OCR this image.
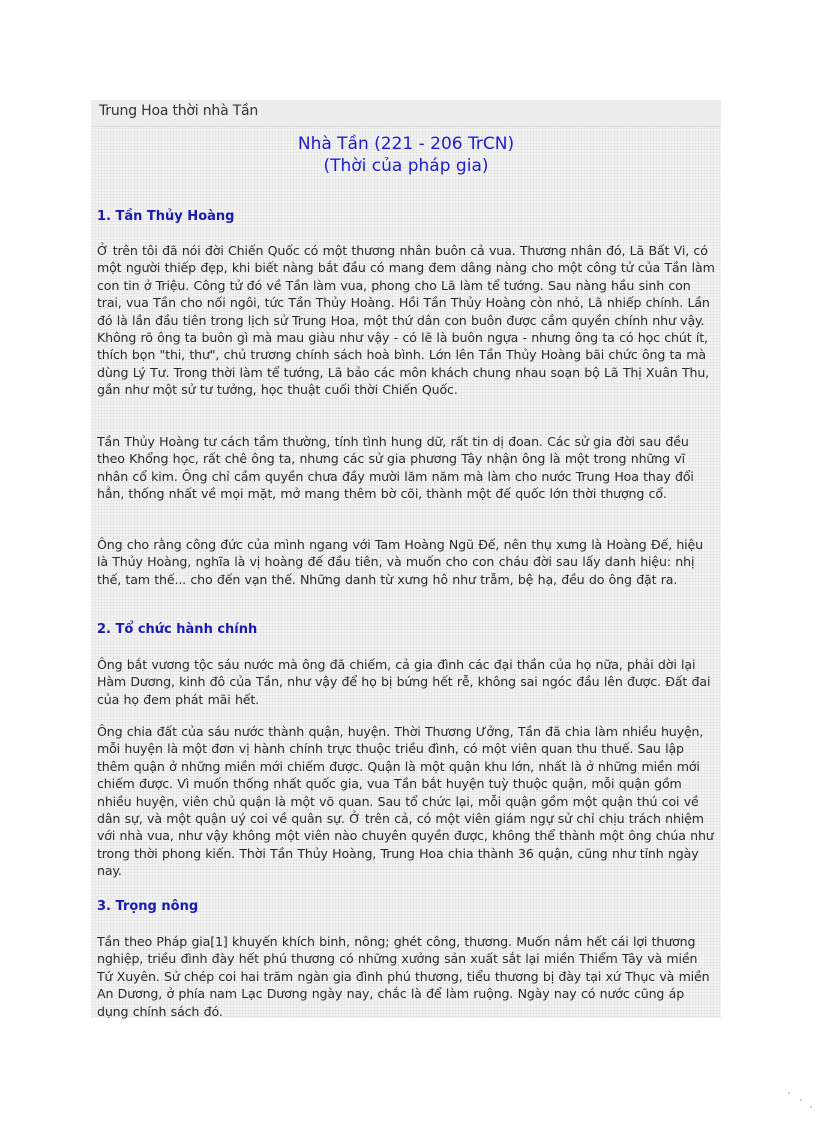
Trung Hoa thời nhà Tần
Nhà Tần (221 - 206 TrCN)
(Thời của pháp gia)
1. Tần Thủy Hoàng
Ở trên tôi đã nói đời Chiến Quốc có một thương nhân buôn cả vua. Thương nhân đó, Lã Bất Vi, có một người thiếp đẹp, khi biết nàng bắt đầu có mang đem dâng nàng cho một công tử của Tần làm con tin ở Triệu. Công tử đó về Tần làm vua, phong cho Lã làm tể tướng. Sau nàng hầu sinh con trai, vua Tần cho nối ngôi, tức Tần Thủy Hoàng. Hồi Tần Thủy Hoàng còn nhỏ, Lã nhiếp chính. Lần đó là lần đầu tiên trong lịch sử Trung Hoa, một thứ dân con buôn được cầm quyền chính như vậy. Không rõ ông ta buôn gì mà mau giàu như vậy - có lẽ là buôn ngựa - nhưng ông ta có học chút ít, thích bọn "thi, thư", chủ trương chính sách hoà bình. Lớn lên Tần Thủy Hoàng bãi chức ông ta mà dùng Lý Tư. Trong thời làm tể tướng, Lã bảo các môn khách chung nhau soạn bộ Lã Thị Xuân Thu, gần như một sử tư tưởng, học thuật cuối thời Chiến Quốc.
Tần Thủy Hoàng tư cách tầm thường, tính tình hung dữ, rất tin dị đoan. Các sử gia đời sau đều theo Khổng học, rất chê ông ta, nhưng các sử gia phương Tây nhận ông là một trong những vĩ nhân cổ kim. Ông chỉ cầm quyền chưa đầy mười lăm năm mà làm cho nước Trung Hoa thay đổi hẳn, thống nhất về mọi mặt, mở mang thêm bờ cõi, thành một đế quốc lớn thời thượng cổ.
Ông cho rằng công đức của mình ngang với Tam Hoàng Ngũ Đế, nên thụ xưng là Hoàng Đế, hiệu là Thủy Hoàng, nghĩa là vị hoàng đế đầu tiên, và muốn cho con cháu đời sau lấy danh hiệu: nhị thế, tam thế... cho đến vạn thế. Những danh từ xưng hô như trẫm, bệ hạ, đều do ông đặt ra.
2. Tổ chức hành chính
Ông bắt vương tộc sáu nước mà ông đã chiếm, cả gia đình các đại thần của họ nữa, phải dời lại Hàm Dương, kinh đô của Tần, như vậy để họ bị bứng hết rễ, không sai ngóc đầu lên được. Đất đai của họ đem phát mãi hết.
Ông chia đất của sáu nước thành quận, huyện. Thời Thương Ưởng, Tần đã chia làm nhiều huyện, mỗi huyện là một đơn vị hành chính trực thuộc triều đình, có một viên quan thu thuế. Sau lập thêm quận ở những miền mới chiếm được. Quận là một quận khu lớn, nhất là ở những miền mới chiếm được. Vì muốn thống nhất quốc gia, vua Tần bắt huyện tuỳ thuộc quận, mỗi quận gồm nhiều huyện, viên chủ quận là một võ quan. Sau tổ chức lại, mỗi quận gồm một quận thú coi về dân sự, và một quận uý coi về quân sự. Ở trên cả, có một viên giám ngự sử chỉ chịu trách nhiệm với nhà vua, như vậy không một viên nào chuyên quyền được, không thể thành một ông chúa như trong thời phong kiến. Thời Tần Thủy Hoàng, Trung Hoa chia thành 36 quận, cũng như tỉnh ngày nay.
3. Trọng nông
Tần theo Pháp gia[1] khuyến khích binh, nông; ghét công, thương. Muốn nắm hết cái lợi thương nghiệp, triều đình đày hết phú thương có những xưởng sản xuất sắt lại miền Thiểm Tây và miền Tứ Xuyên. Sử chép coi hai trăm ngàn gia đình phú thương, tiểu thương bị đày tại xứ Thục và miền An Dương, ở phía nam Lạc Dương ngày nay, chắc là để làm ruộng. Ngày nay có nước cũng áp dụng chính sách đó.
